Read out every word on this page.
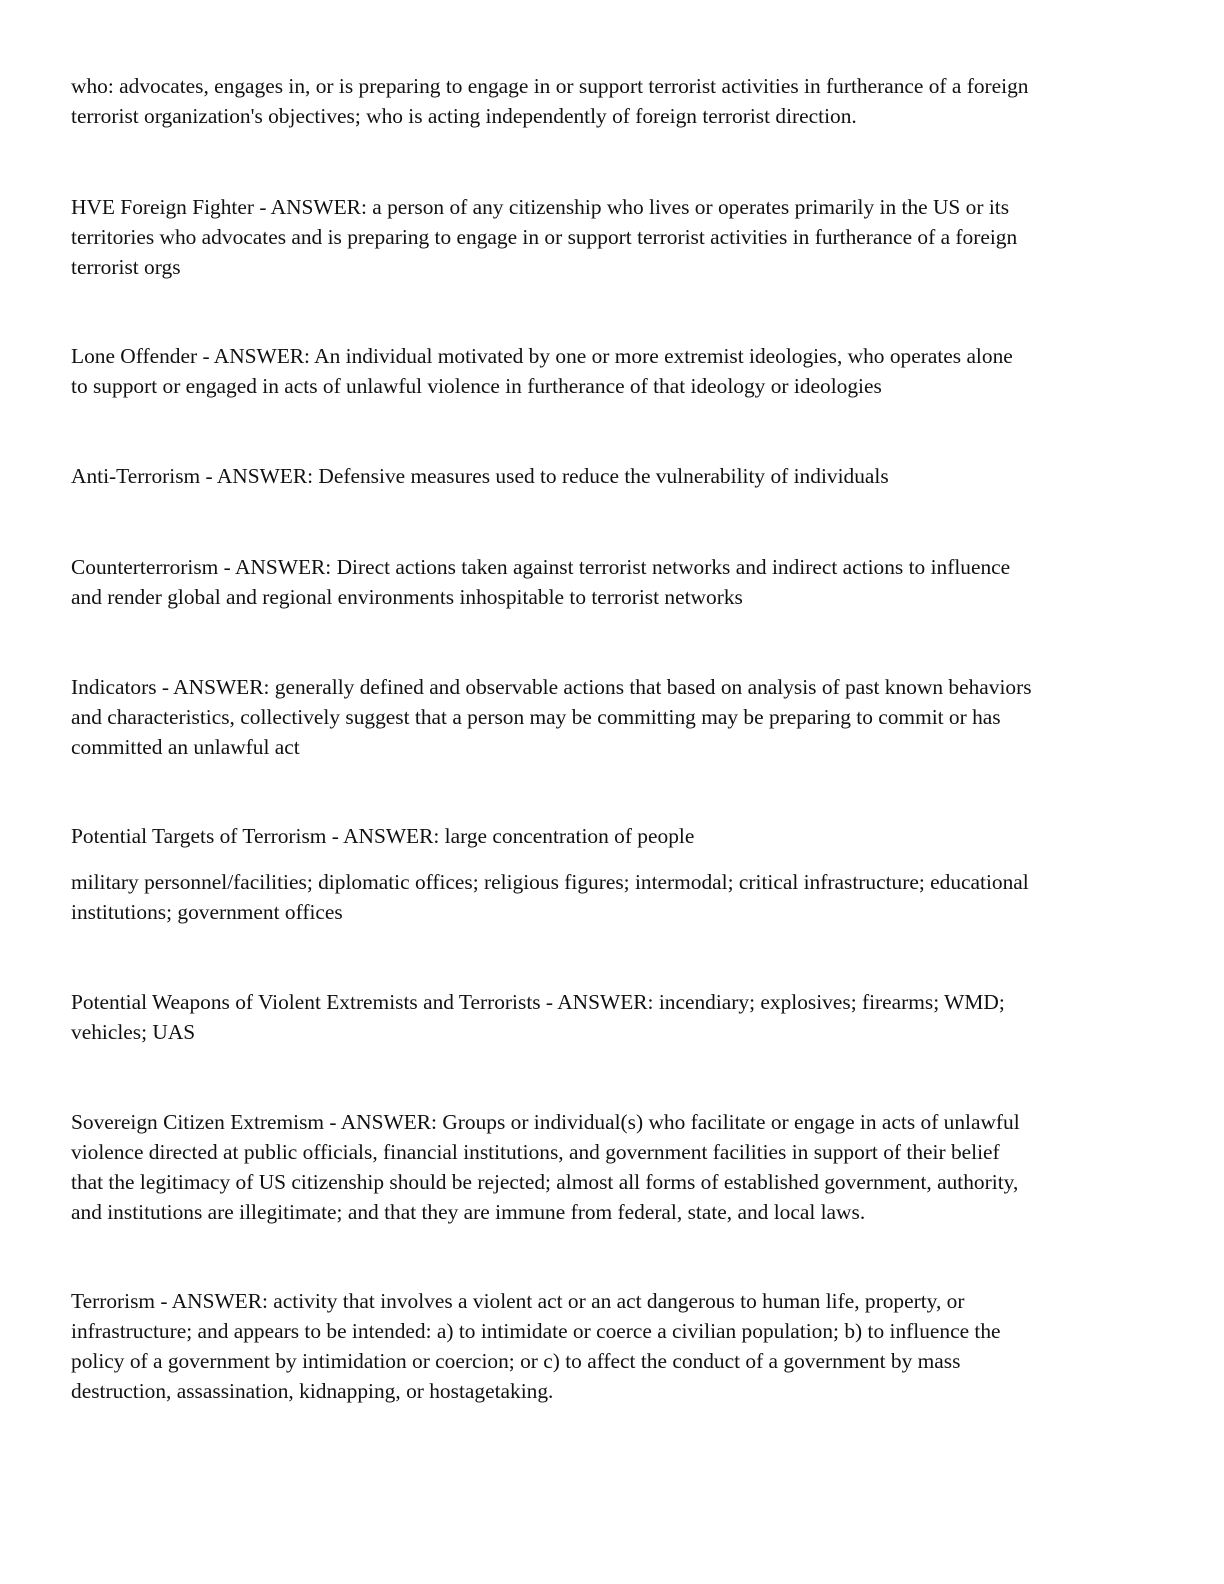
who: advocates, engages in, or is preparing to engage in or support terrorist activities in furtherance of a foreign
terrorist organization's objectives; who is acting independently of foreign terrorist direction.

HVE Foreign Fighter - ANSWER: a person of any citizenship who lives or operates primarily in the US or its
territories who advocates and is preparing to engage in or support terrorist activities in furtherance of a foreign
terrorist orgs

Lone Offender - ANSWER: An individual motivated by one or more extremist ideologies, who operates alone
to support or engaged in acts of unlawful violence in furtherance of that ideology or ideologies

Anti-Terrorism - ANSWER: Defensive measures used to reduce the vulnerability of individuals

Counterterrorism - ANSWER: Direct actions taken against terrorist networks and indirect actions to influence
and render global and regional environments inhospitable to terrorist networks

Indicators - ANSWER: generally defined and observable actions that based on analysis of past known behaviors
and characteristics, collectively suggest that a person may be committing may be preparing to commit or has
committed an unlawful act

Potential Targets of Terrorism - ANSWER: large concentration of people

military personnel/facilities; diplomatic offices; religious figures; intermodal; critical infrastructure; educational
institutions; government offices

Potential Weapons of Violent Extremists and Terrorists - ANSWER: incendiary; explosives; firearms; WMD;
vehicles; UAS

Sovereign Citizen Extremism - ANSWER: Groups or individual(s) who facilitate or engage in acts of unlawful
violence directed at public officials, financial institutions, and government facilities in support of their belief
that the legitimacy of US citizenship should be rejected; almost all forms of established government, authority,
and institutions are illegitimate; and that they are immune from federal, state, and local laws.

Terrorism - ANSWER: activity that involves a violent act or an act dangerous to human life, property, or
infrastructure; and appears to be intended: a) to intimidate or coerce a civilian population; b) to influence the
policy of a government by intimidation or coercion; or c) to affect the conduct of a government by mass
destruction, assassination, kidnapping, or hostagetaking.
